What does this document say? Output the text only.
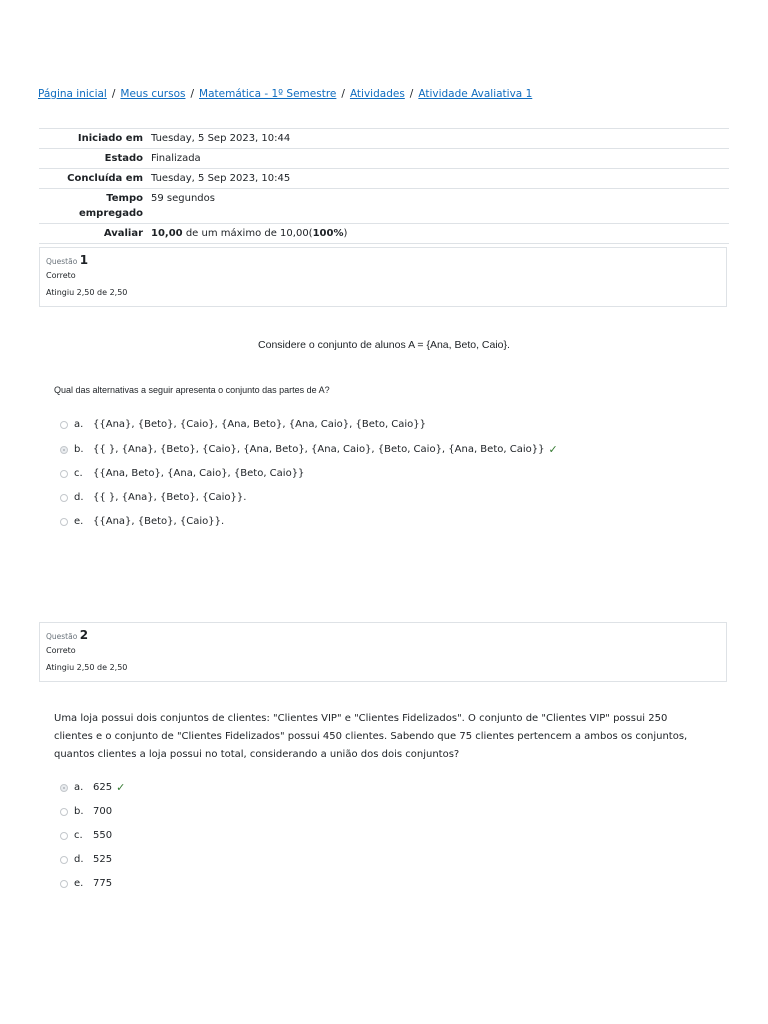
Página inicial / Meus cursos / Matemática - 1º Semestre / Atividades / Atividade Avaliativa 1
Iniciado em	Tuesday, 5 Sep 2023, 10:44
Estado	Finalizada
Concluída em	Tuesday, 5 Sep 2023, 10:45
Tempo
empregado	59 segundos
Avaliar	10,00 de um máximo de 10,00(100%)
Questão 1
Correto
Atingiu 2,50 de 2,50
Considere o conjunto de alunos A = {Ana, Beto, Caio}.
Qual das alternativas a seguir apresenta o conjunto das partes de A?
a. {{Ana}, {Beto}, {Caio}, {Ana, Beto}, {Ana, Caio}, {Beto, Caio}}
b. {{ }, {Ana}, {Beto}, {Caio}, {Ana, Beto}, {Ana, Caio}, {Beto, Caio}, {Ana, Beto, Caio}} ✓
c.	{{Ana, Beto}, {Ana, Caio}, {Beto, Caio}}
d. {{ }, {Ana}, {Beto}, {Caio}}.
e. {{Ana}, {Beto}, {Caio}}.
Questão 2
Correto
Atingiu 2,50 de 2,50
Uma loja possui dois conjuntos de clientes: "Clientes VIP" e "Clientes Fidelizados". O conjunto de "Clientes VIP" possui 250 clientes e o conjunto de "Clientes Fidelizados" possui 450 clientes. Sabendo que 75 clientes pertencem a ambos os conjuntos, quantos clientes a loja possui no total, considerando a união dos dois conjuntos?
a. 625 ✓
b. 700
c.	550
d. 525
e. 775
